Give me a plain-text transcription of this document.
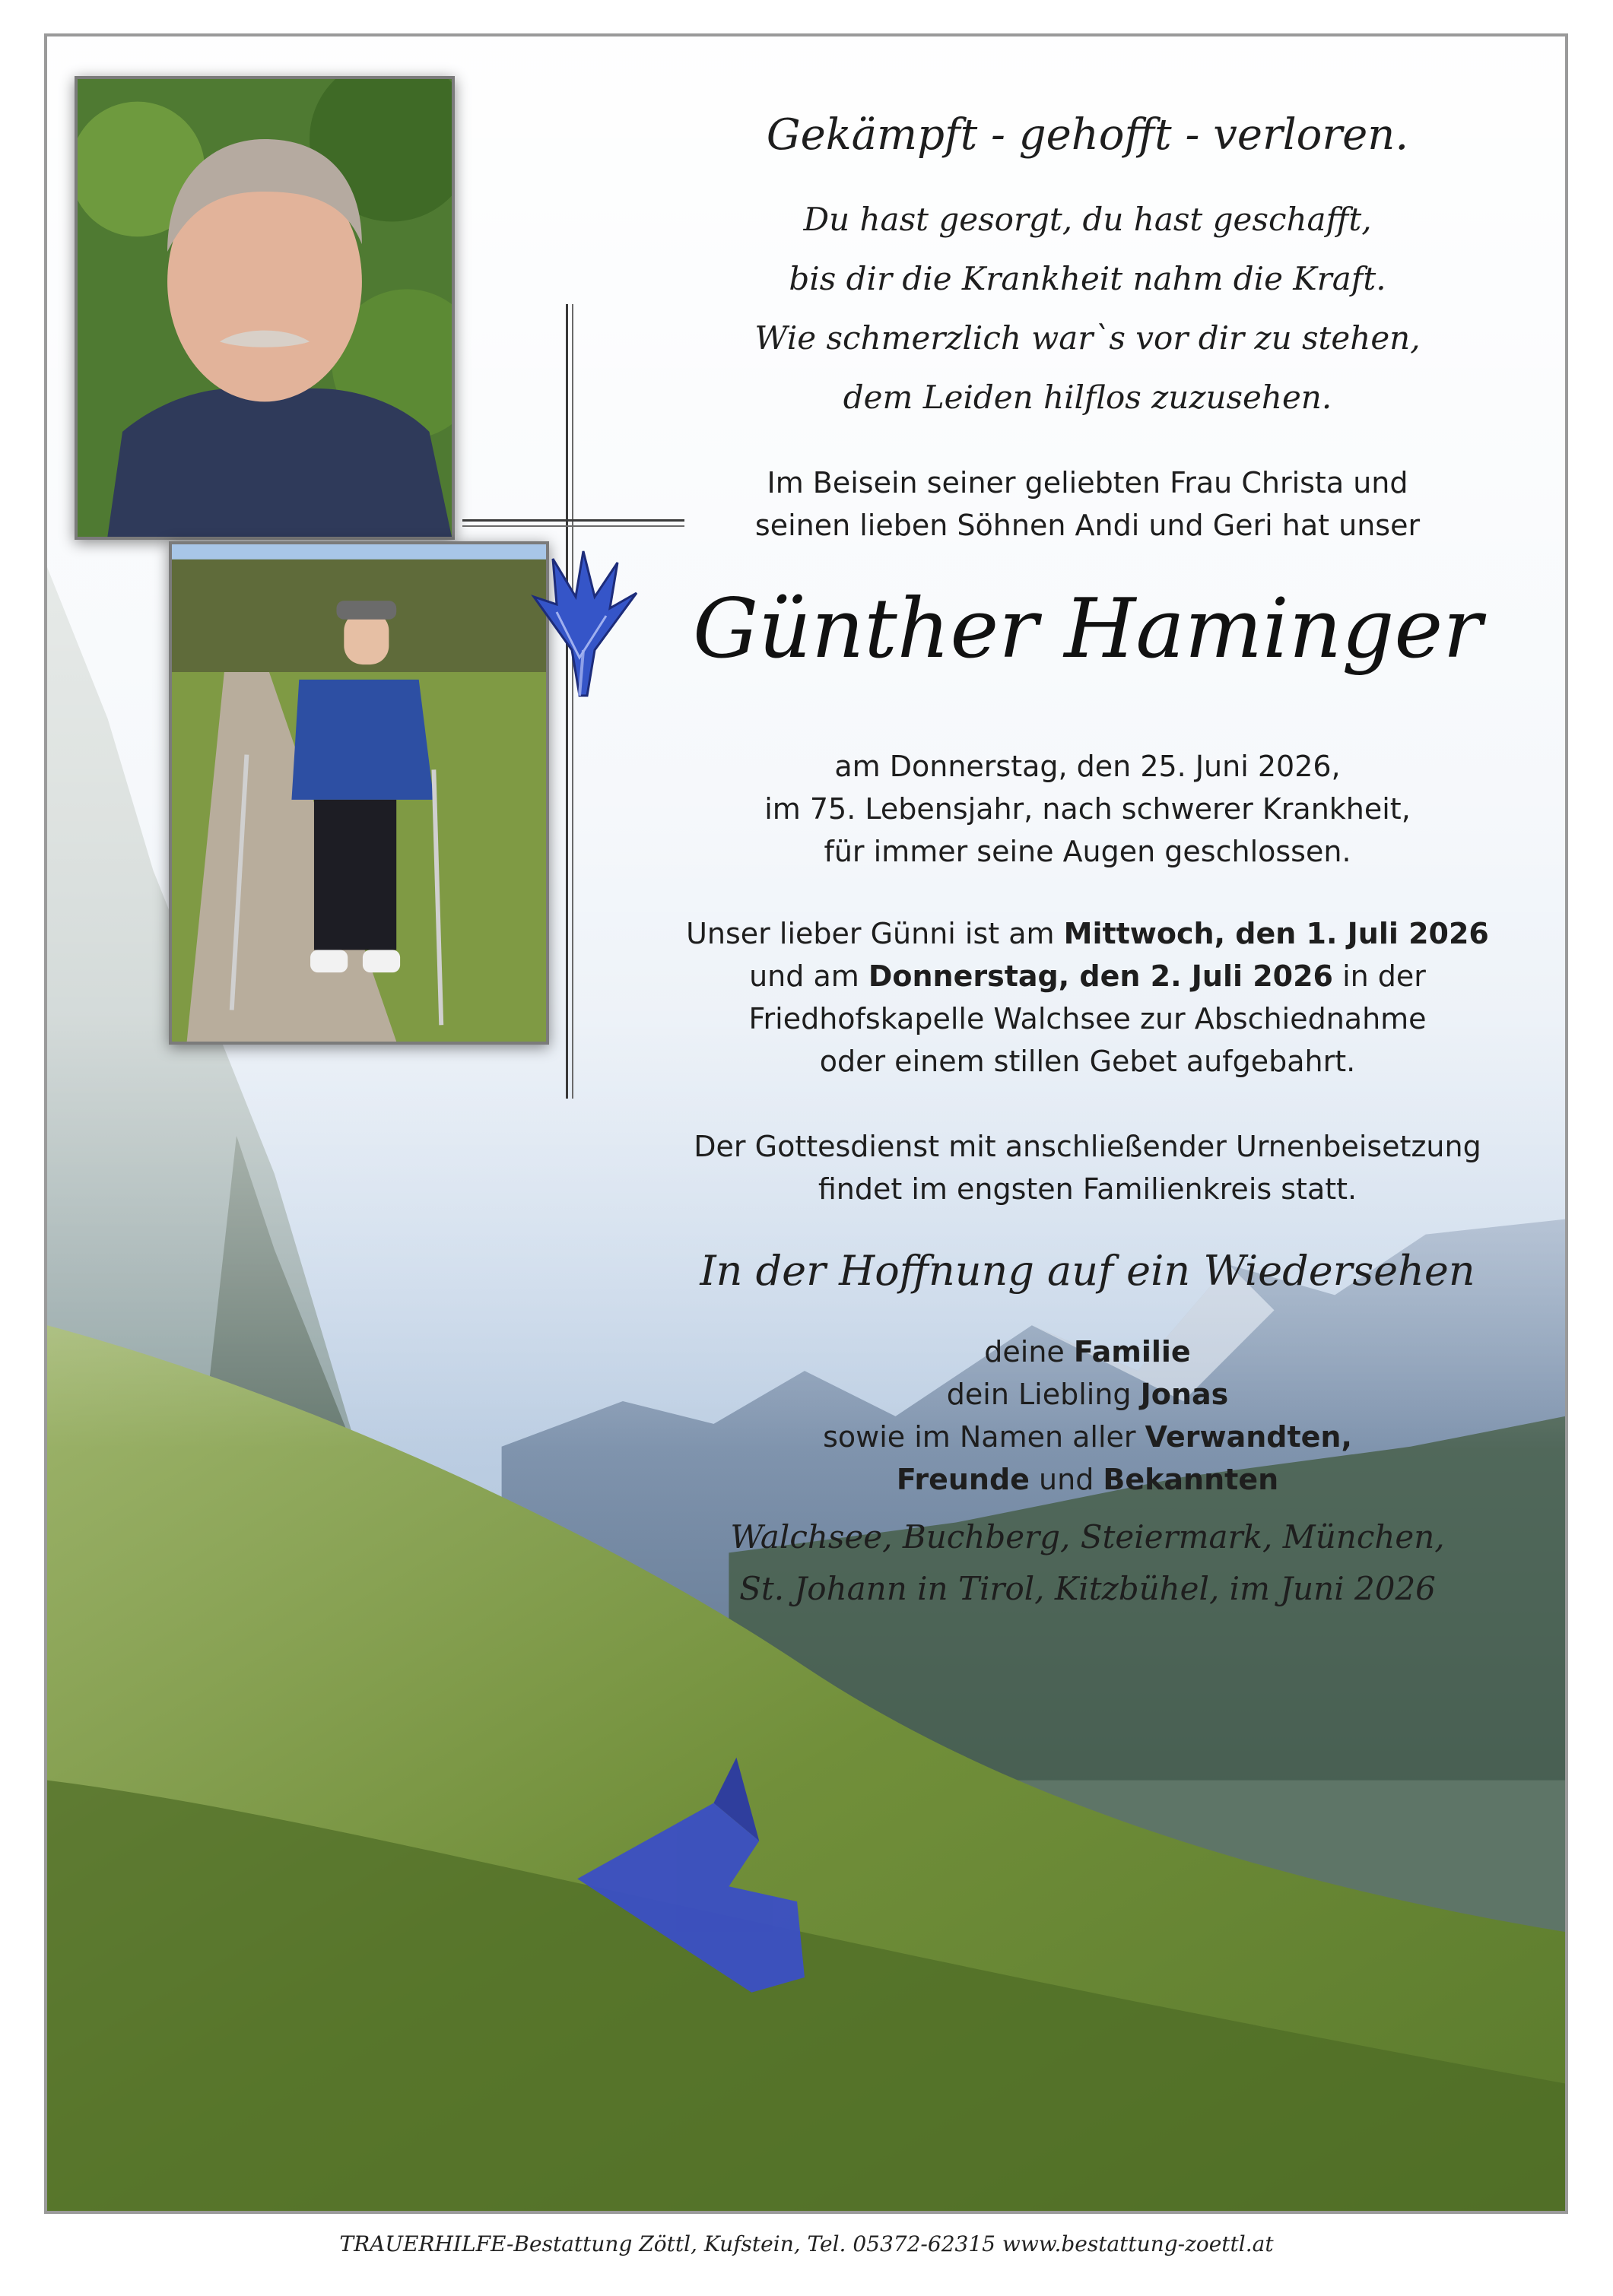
Gekämpft - gehofft - verloren.
Du hast gesorgt, du hast geschafft,
bis dir die Krankheit nahm die Kraft.
Wie schmerzlich war`s vor dir zu stehen,
dem Leiden hilflos zuzusehen.
Im Beisein seiner geliebten Frau Christa und
seinen lieben Söhnen Andi und Geri hat unser
Günther Haminger
am Donnerstag, den 25. Juni 2026,
im 75. Lebensjahr, nach schwerer Krankheit,
für immer seine Augen geschlossen.
Unser lieber Günni ist am Mittwoch, den 1. Juli 2026
und am Donnerstag, den 2. Juli 2026 in der
Friedhofskapelle Walchsee zur Abschiednahme
oder einem stillen Gebet aufgebahrt.
Der Gottesdienst mit anschließender Urnenbeisetzung
findet im engsten Familienkreis statt.
In der Hoffnung auf ein Wiedersehen
deine Familie
dein Liebling Jonas
sowie im Namen aller Verwandten,
Freunde und Bekannten
Walchsee, Buchberg, Steiermark, München,
St. Johann in Tirol, Kitzbühel, im Juni 2026
TRAUERHILFE-Bestattung Zöttl, Kufstein, Tel. 05372-62315 www.bestattung-zoettl.at
